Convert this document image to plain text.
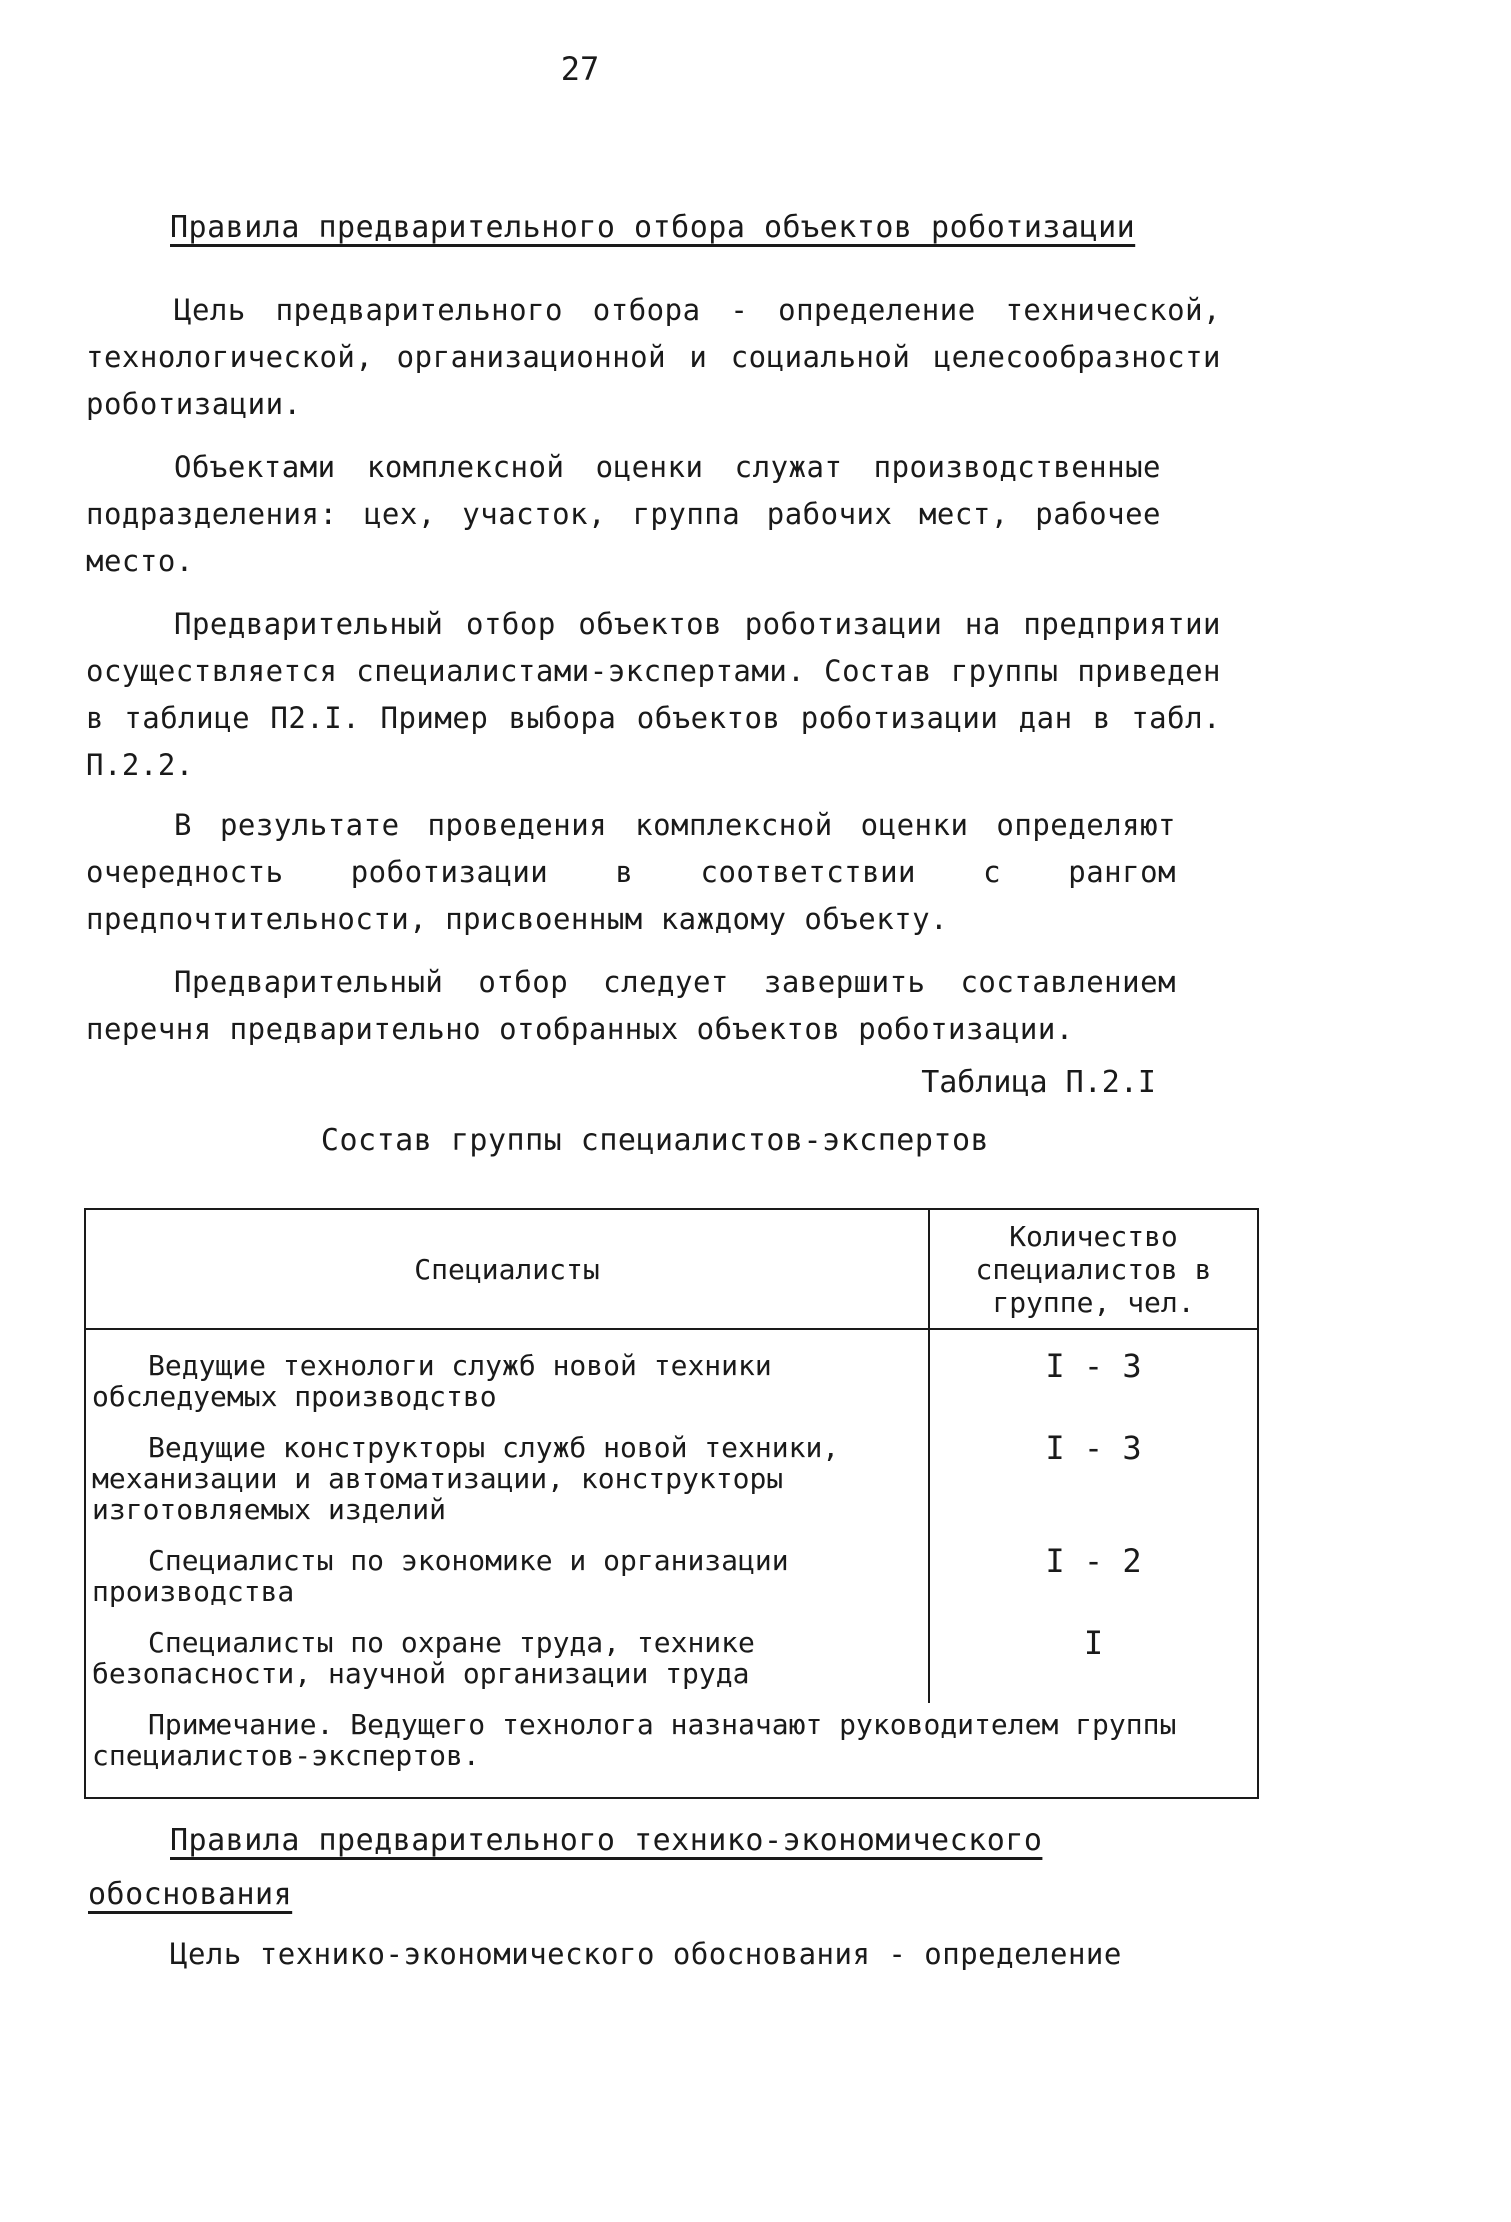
27

Правила предварительного отбора объектов роботизации

Цель предварительного отбора - определение технической, технологической, организационной и социальной целесообразности роботизации.

Объектами комплексной оценки служат производственные подразделения: цех, участок, группа рабочих мест, рабочее место.

Предварительный отбор объектов роботизации на предприятии осуществляется специалистами-экспертами. Состав группы приведен в таблице П2.I. Пример выбора объектов роботизации дан в табл. П.2.2.

В результате проведения комплексной оценки определяют очередность роботизации в соответствии с рангом предпочтительности, присвоенным каждому объекту.

Предварительный отбор следует завершить составлением перечня предварительно отобранных объектов роботизации.

Таблица П.2.I

Состав группы специалистов-экспертов

Специалисты	Количество специалистов в группе, чел.
Ведущие технологи служб новой техники обследуемых производство	I - 3
Ведущие конструкторы служб новой техники, механизации и автоматизации, конструкторы изготовляемых изделий	I - 3
Специалисты по экономике и организации производства	I - 2
Специалисты по охране труда, технике безопасности, научной организации труда	I
Примечание. Ведущего технолога назначают руководителем группы специалистов-экспертов.	

Правила предварительного технико-экономического
обоснования

Цель технико-экономического обоснования - определение
